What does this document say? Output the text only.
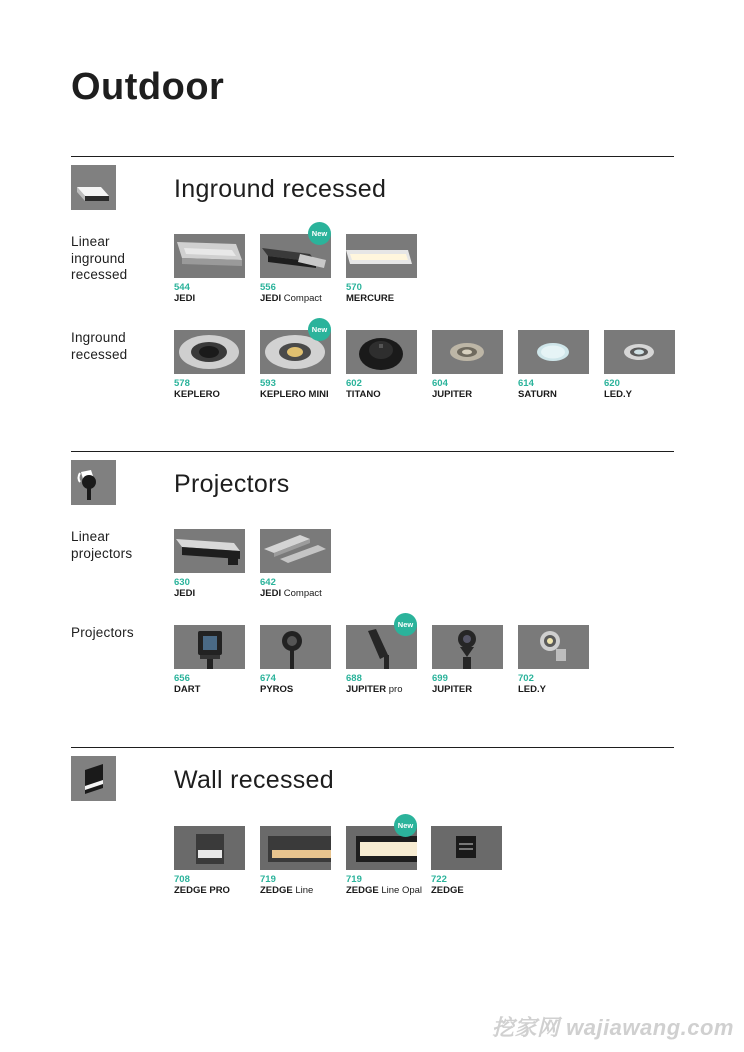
Outdoor
Inground recessed

Linear inground recessed

544
JEDI
New
556
JEDI Compact
570
MERCURE

Inground recessed

578
KEPLERO
New
593
KEPLERO MINI
602
TITANO
604
JUPITER
614
SATURN
620
LED.Y
Projectors

Linear projectors

630
JEDI
642
JEDI Compact

Projectors

656
DART
674
PYROS
New
688
JUPITER pro
699
JUPITER
702
LED.Y
Wall recessed
708
ZEDGE PRO
719
ZEDGE Line
New
719
ZEDGE Line Opal
722
ZEDGE
挖家网 wajiawang.com
